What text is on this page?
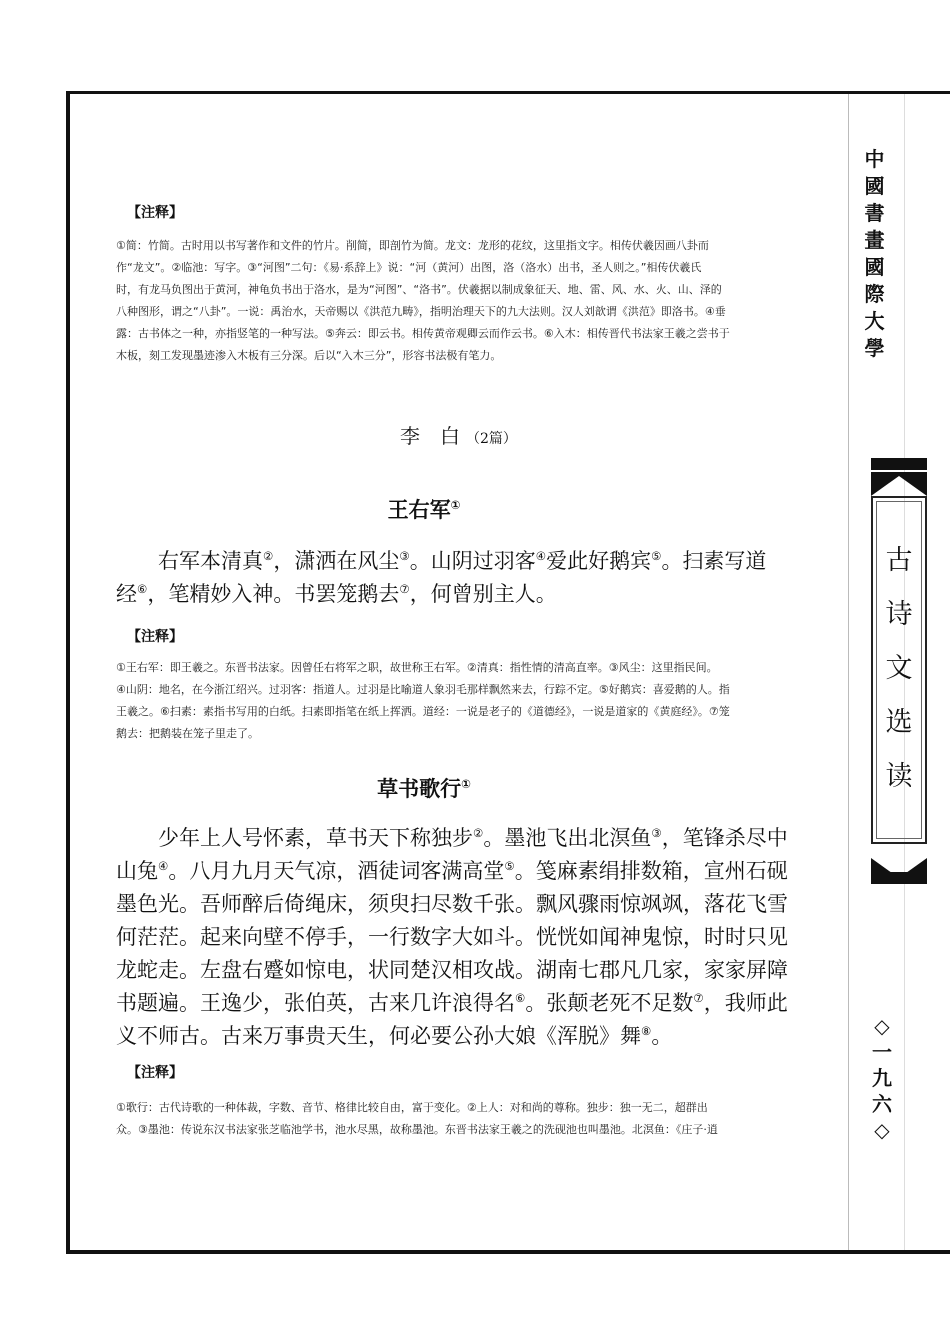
中
國
書
畫
國
際
大
學
古
诗
文
选
读
◇
一
九
六
◇
【注释】
①简：竹简。古时用以书写著作和文件的竹片。削简，即剖竹为简。龙文：龙形的花纹，这里指文字。相传伏羲因画八卦而
作“龙文”。②临池：写字。③“河图”二句：《易·系辞上》说：“河（黄河）出图，洛（洛水）出书，圣人则之。”相传伏羲氏
时，有龙马负图出于黄河，神龟负书出于洛水，是为“河图”、“洛书”。伏羲据以制成象征天、地、雷、风、水、火、山、泽的
八种图形，谓之“八卦”。一说：禹治水，天帝赐以《洪范九畴》，指明治理天下的九大法则。汉人刘歆谓《洪范》即洛书。④垂
露：古书体之一种，亦指竖笔的一种写法。⑤奔云：即云书。相传黄帝观卿云而作云书。⑥入木：相传晋代书法家王羲之尝书于
木板，刻工发现墨迹渗入木板有三分深。后以“入木三分”，形容书法极有笔力。
李　白 （2篇）
王右军①

　　右军本清真②，潇洒在风尘③。山阴过羽客④爱此好鹅宾⑤。扫素写道

经⑥，笔精妙入神。书罢笼鹅去⑦，何曾别主人。

【注释】
①王右军：即王羲之。东晋书法家。因曾任右将军之职，故世称王右军。②清真：指性情的清高直率。③风尘：这里指民间。
④山阴：地名，在今浙江绍兴。过羽客：指道人。过羽是比喻道人象羽毛那样飘然来去，行踪不定。⑤好鹅宾：喜爱鹅的人。指
王羲之。⑥扫素：素指书写用的白纸。扫素即指笔在纸上挥洒。道经：一说是老子的《道德经》，一说是道家的《黄庭经》。⑦笼
鹅去：把鹅装在笼子里走了。
草书歌行①

　　少年上人号怀素，草书天下称独步②。墨池飞出北溟鱼③，笔锋杀尽中

山兔④。八月九月天气凉，酒徒词客满高堂⑤。笺麻素绢排数箱，宣州石砚

墨色光。吾师醉后倚绳床，须臾扫尽数千张。飘风骤雨惊飒飒，落花飞雪

何茫茫。起来向壁不停手，一行数字大如斗。恍恍如闻神鬼惊，时时只见

龙蛇走。左盘右蹙如惊电，状同楚汉相攻战。湖南七郡凡几家，家家屏障

书题遍。王逸少，张伯英，古来几许浪得名⑥。张颠老死不足数⑦，我师此

义不师古。古来万事贵天生，何必要公孙大娘《浑脱》舞⑧。

【注释】
①歌行：古代诗歌的一种体裁，字数、音节、格律比较自由，富于变化。②上人：对和尚的尊称。独步：独一无二，超群出
众。③墨池：传说东汉书法家张芝临池学书，池水尽黑，故称墨池。东晋书法家王羲之的洗砚池也叫墨池。北溟鱼：《庄子·逍
